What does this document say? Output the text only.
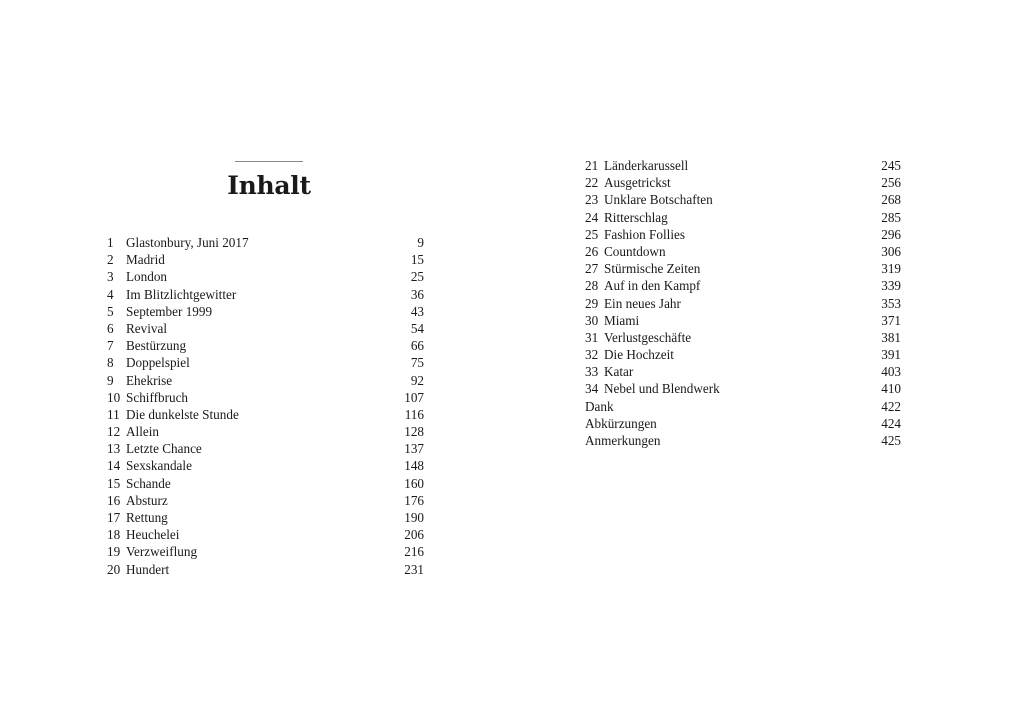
Inhalt
1 Glastonbury, Juni 2017	9
2 Madrid	15
3 London	25
4 Im Blitzlichtgewitter	36
5 September 1999	43
6 Revival	54
7 Bestürzung	66
8 Doppelspiel	75
9 Ehekrise	92
10 Schiffbruch	107
11 Die dunkelste Stunde	116
12 Allein	128
13 Letzte Chance	137
14 Sexskandale	148
15 Schande	160
16 Absturz	176
17 Rettung	190
18 Heuchelei	206
19 Verzweiflung	216
20 Hundert	231
21 Länderkarussell	245
22 Ausgetrickst	256
23 Unklare Botschaften	268
24 Ritterschlag	285
25 Fashion Follies	296
26 Countdown	306
27 Stürmische Zeiten	319
28 Auf in den Kampf	339
29 Ein neues Jahr	353
30 Miami	371
31 Verlustgeschäfte	381
32 Die Hochzeit	391
33 Katar	403
34 Nebel und Blendwerk	410
Dank	422
Abkürzungen	424
Anmerkungen	425
